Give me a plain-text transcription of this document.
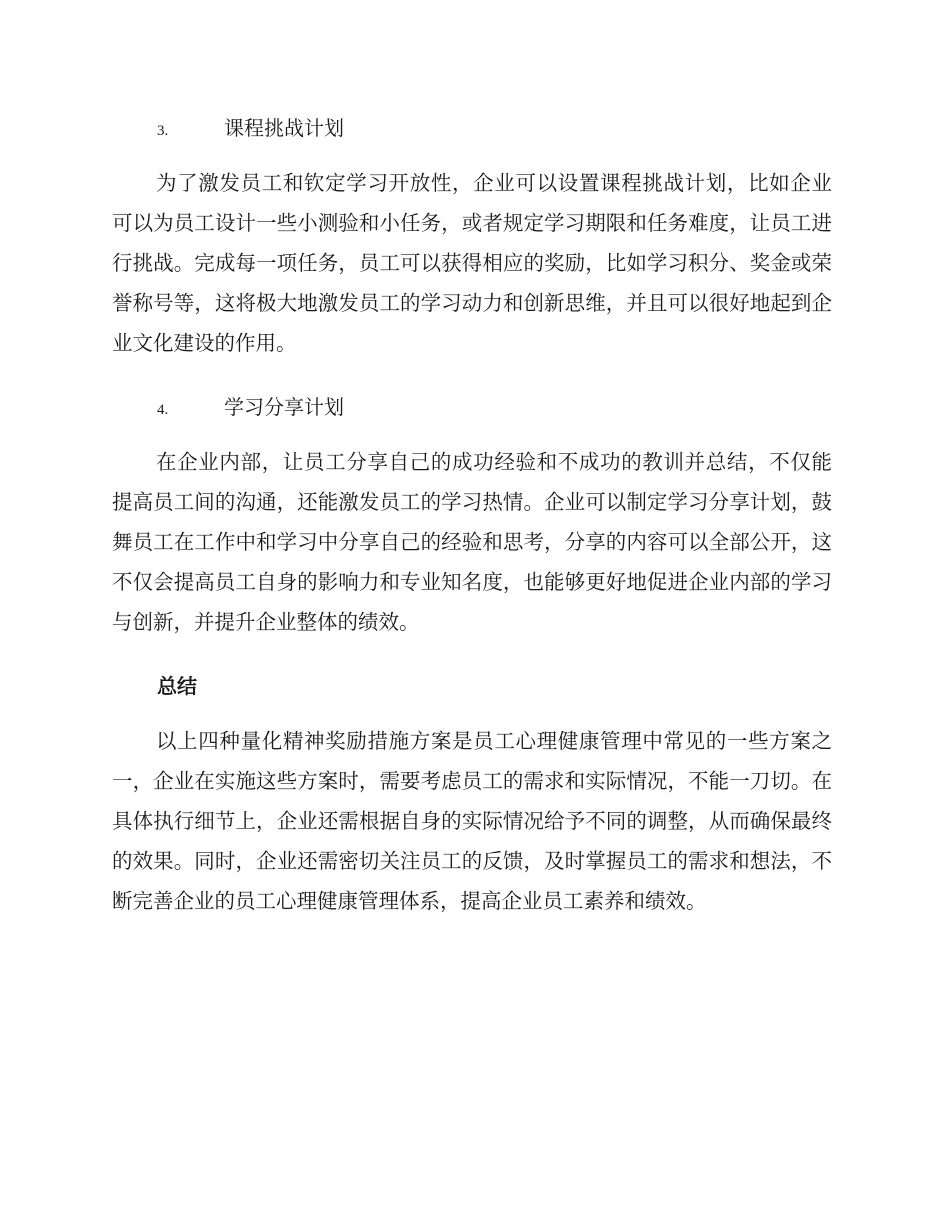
3.	课程挑战计划

为了激发员工和钦定学习开放性，企业可以设置课程挑战计划，比如企业可以为员工设计一些小测验和小任务，或者规定学习期限和任务难度，让员工进行挑战。完成每一项任务，员工可以获得相应的奖励，比如学习积分、奖金或荣誉称号等，这将极大地激发员工的学习动力和创新思维，并且可以很好地起到企业文化建设的作用。

4.	学习分享计划

在企业内部，让员工分享自己的成功经验和不成功的教训并总结，不仅能提高员工间的沟通，还能激发员工的学习热情。企业可以制定学习分享计划，鼓舞员工在工作中和学习中分享自己的经验和思考，分享的内容可以全部公开，这不仅会提高员工自身的影响力和专业知名度，也能够更好地促进企业内部的学习与创新，并提升企业整体的绩效。

总结

以上四种量化精神奖励措施方案是员工心理健康管理中常见的一些方案之一，企业在实施这些方案时，需要考虑员工的需求和实际情况，不能一刀切。在具体执行细节上，企业还需根据自身的实际情况给予不同的调整，从而确保最终的效果。同时，企业还需密切关注员工的反馈，及时掌握员工的需求和想法，不断完善企业的员工心理健康管理体系，提高企业员工素养和绩效。
